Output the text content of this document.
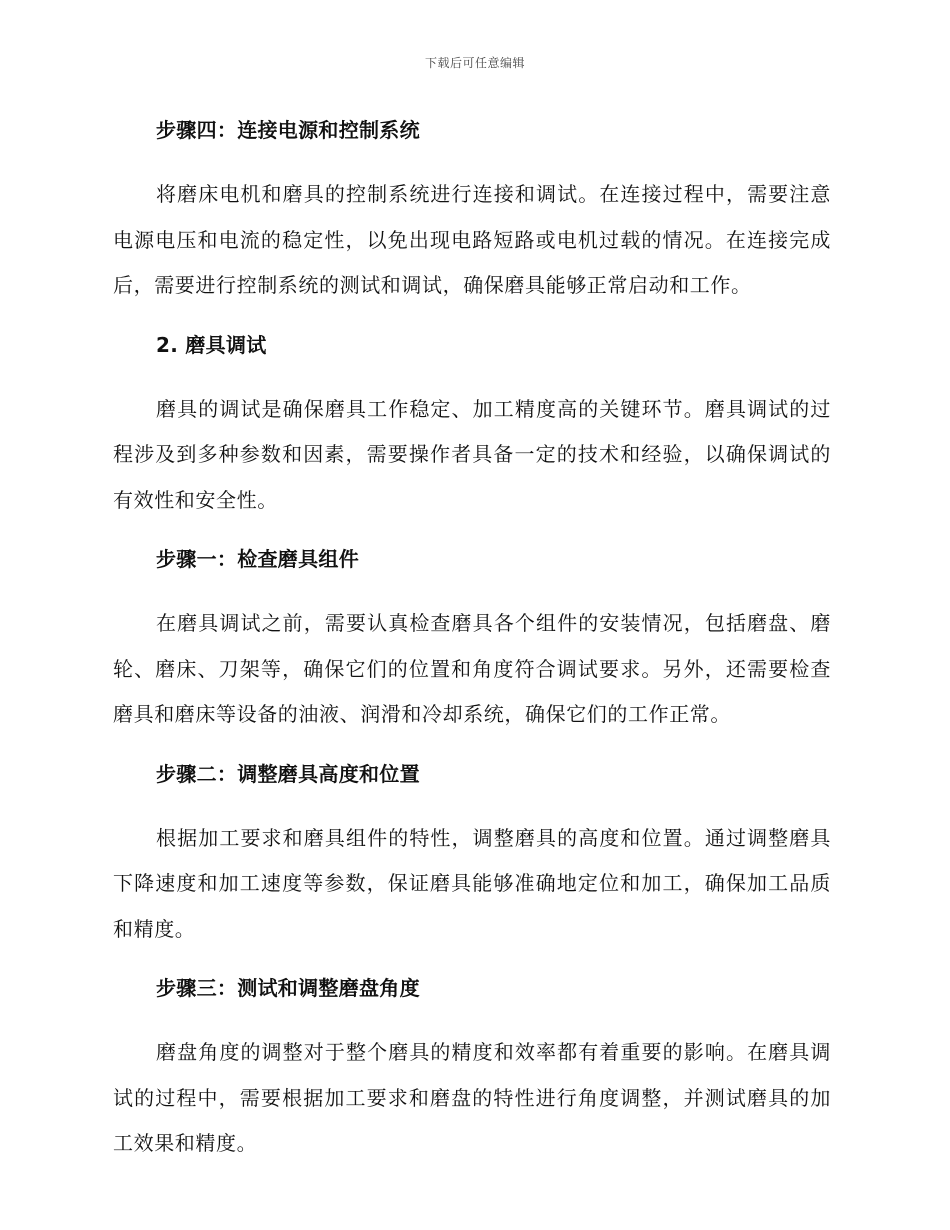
下载后可任意编辑
步骤四：连接电源和控制系统

将磨床电机和磨具的控制系统进行连接和调试。在连接过程中，需要注意电源电压和电流的稳定性，以免出现电路短路或电机过载的情况。在连接完成后，需要进行控制系统的测试和调试，确保磨具能够正常启动和工作。

2. 磨具调试

磨具的调试是确保磨具工作稳定、加工精度高的关键环节。磨具调试的过程涉及到多种参数和因素，需要操作者具备一定的技术和经验，以确保调试的有效性和安全性。

步骤一：检查磨具组件

在磨具调试之前，需要认真检查磨具各个组件的安装情况，包括磨盘、磨轮、磨床、刀架等，确保它们的位置和角度符合调试要求。另外，还需要检查磨具和磨床等设备的油液、润滑和冷却系统，确保它们的工作正常。

步骤二：调整磨具高度和位置

根据加工要求和磨具组件的特性，调整磨具的高度和位置。通过调整磨具下降速度和加工速度等参数，保证磨具能够准确地定位和加工，确保加工品质和精度。

步骤三：测试和调整磨盘角度

磨盘角度的调整对于整个磨具的精度和效率都有着重要的影响。在磨具调试的过程中，需要根据加工要求和磨盘的特性进行角度调整，并测试磨具的加工效果和精度。
